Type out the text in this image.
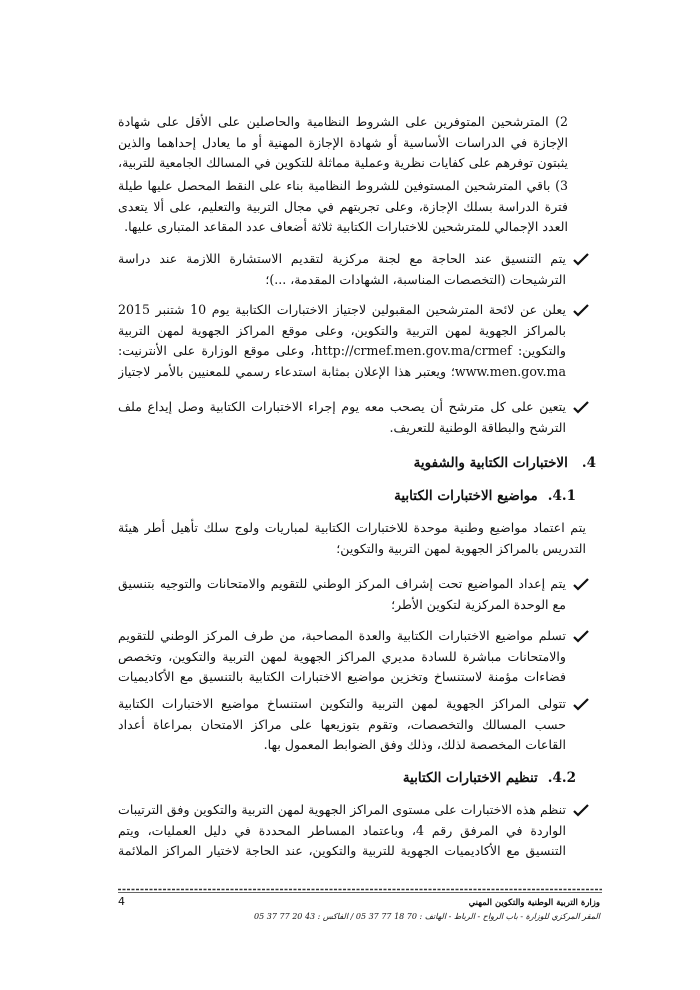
2) المترشحين المتوفرين على الشروط النظامية والحاصلين على الأقل على شهادة الإجازة في الدراسات الأساسية أو شهادة الإجازة المهنية أو ما يعادل إحداهما والذين يثبتون توفرهم على كفايات نظرية وعملية مماثلة للتكوين في المسالك الجامعية للتربية،

3) باقي المترشحين المستوفين للشروط النظامية بناء على النقط المحصل عليها طيلة فترة الدراسة بسلك الإجازة، وعلى تجربتهم في مجال التربية والتعليم، على ألا يتعدى العدد الإجمالي للمترشحين للاختبارات الكتابية ثلاثة أضعاف عدد المقاعد المتبارى عليها.

يتم التنسيق عند الحاجة مع لجنة مركزية لتقديم الاستشارة اللازمة عند دراسة الترشيحات (التخصصات المناسبة، الشهادات المقدمة، ...)؛

يعلن عن لائحة المترشحين المقبولين لاجتياز الاختبارات الكتابية يوم 10 شتنبر 2015 بالمراكز الجهوية لمهن التربية والتكوين، وعلى موقع المراكز الجهوية لمهن التربية والتكوين: http://crmef.men.gov.ma/crmef، وعلى موقع الوزارة على الأنترنيت: www.men.gov.ma؛ ويعتبر هذا الإعلان بمثابة استدعاء رسمي للمعنيين بالأمر لاجتياز

يتعين على كل مترشح أن يصحب معه يوم إجراء الاختبارات الكتابية وصل إيداع ملف الترشح والبطاقة الوطنية للتعريف.

4.الاختبارات الكتابية والشفوية
4.1.مواضيع الاختبارات الكتابية

يتم اعتماد مواضيع وطنية موحدة للاختبارات الكتابية لمباريات ولوج سلك تأهيل أطر هيئة التدريس بالمراكز الجهوية لمهن التربية والتكوين؛

يتم إعداد المواضيع تحت إشراف المركز الوطني للتقويم والامتحانات والتوجيه بتنسيق مع الوحدة المركزية لتكوين الأطر؛

تسلم مواضيع الاختبارات الكتابية والعدة المصاحبة، من طرف المركز الوطني للتقويم والامتحانات مباشرة للسادة مديري المراكز الجهوية لمهن التربية والتكوين، وتخصص فضاءات مؤمنة لاستنساخ وتخزين مواضيع الاختبارات الكتابية بالتنسيق مع الأكاديميات

تتولى المراكز الجهوية لمهن التربية والتكوين استنساخ مواضيع الاختبارات الكتابية حسب المسالك والتخصصات، وتقوم بتوزيعها على مراكز الامتحان بمراعاة أعداد القاعات المخصصة لذلك، وذلك وفق الضوابط المعمول بها.

4.2.تنظيم الاختبارات الكتابية

تنظم هذه الاختبارات على مستوى المراكز الجهوية لمهن التربية والتكوين وفق الترتيبات الواردة في المرفق رقم 4، وباعتماد المساطر المحددة في دليل العمليات، ويتم التنسيق مع الأكاديميات الجهوية للتربية والتكوين، عند الحاجة لاختيار المراكز الملائمة

4	وزارة التربية الوطنية والتكوين المهني
المقر المركزي للوزارة - باب الرواح - الرباط - الهاتف : 70 18 77 37 05 / الفاكس : 43 20 77 37 05
